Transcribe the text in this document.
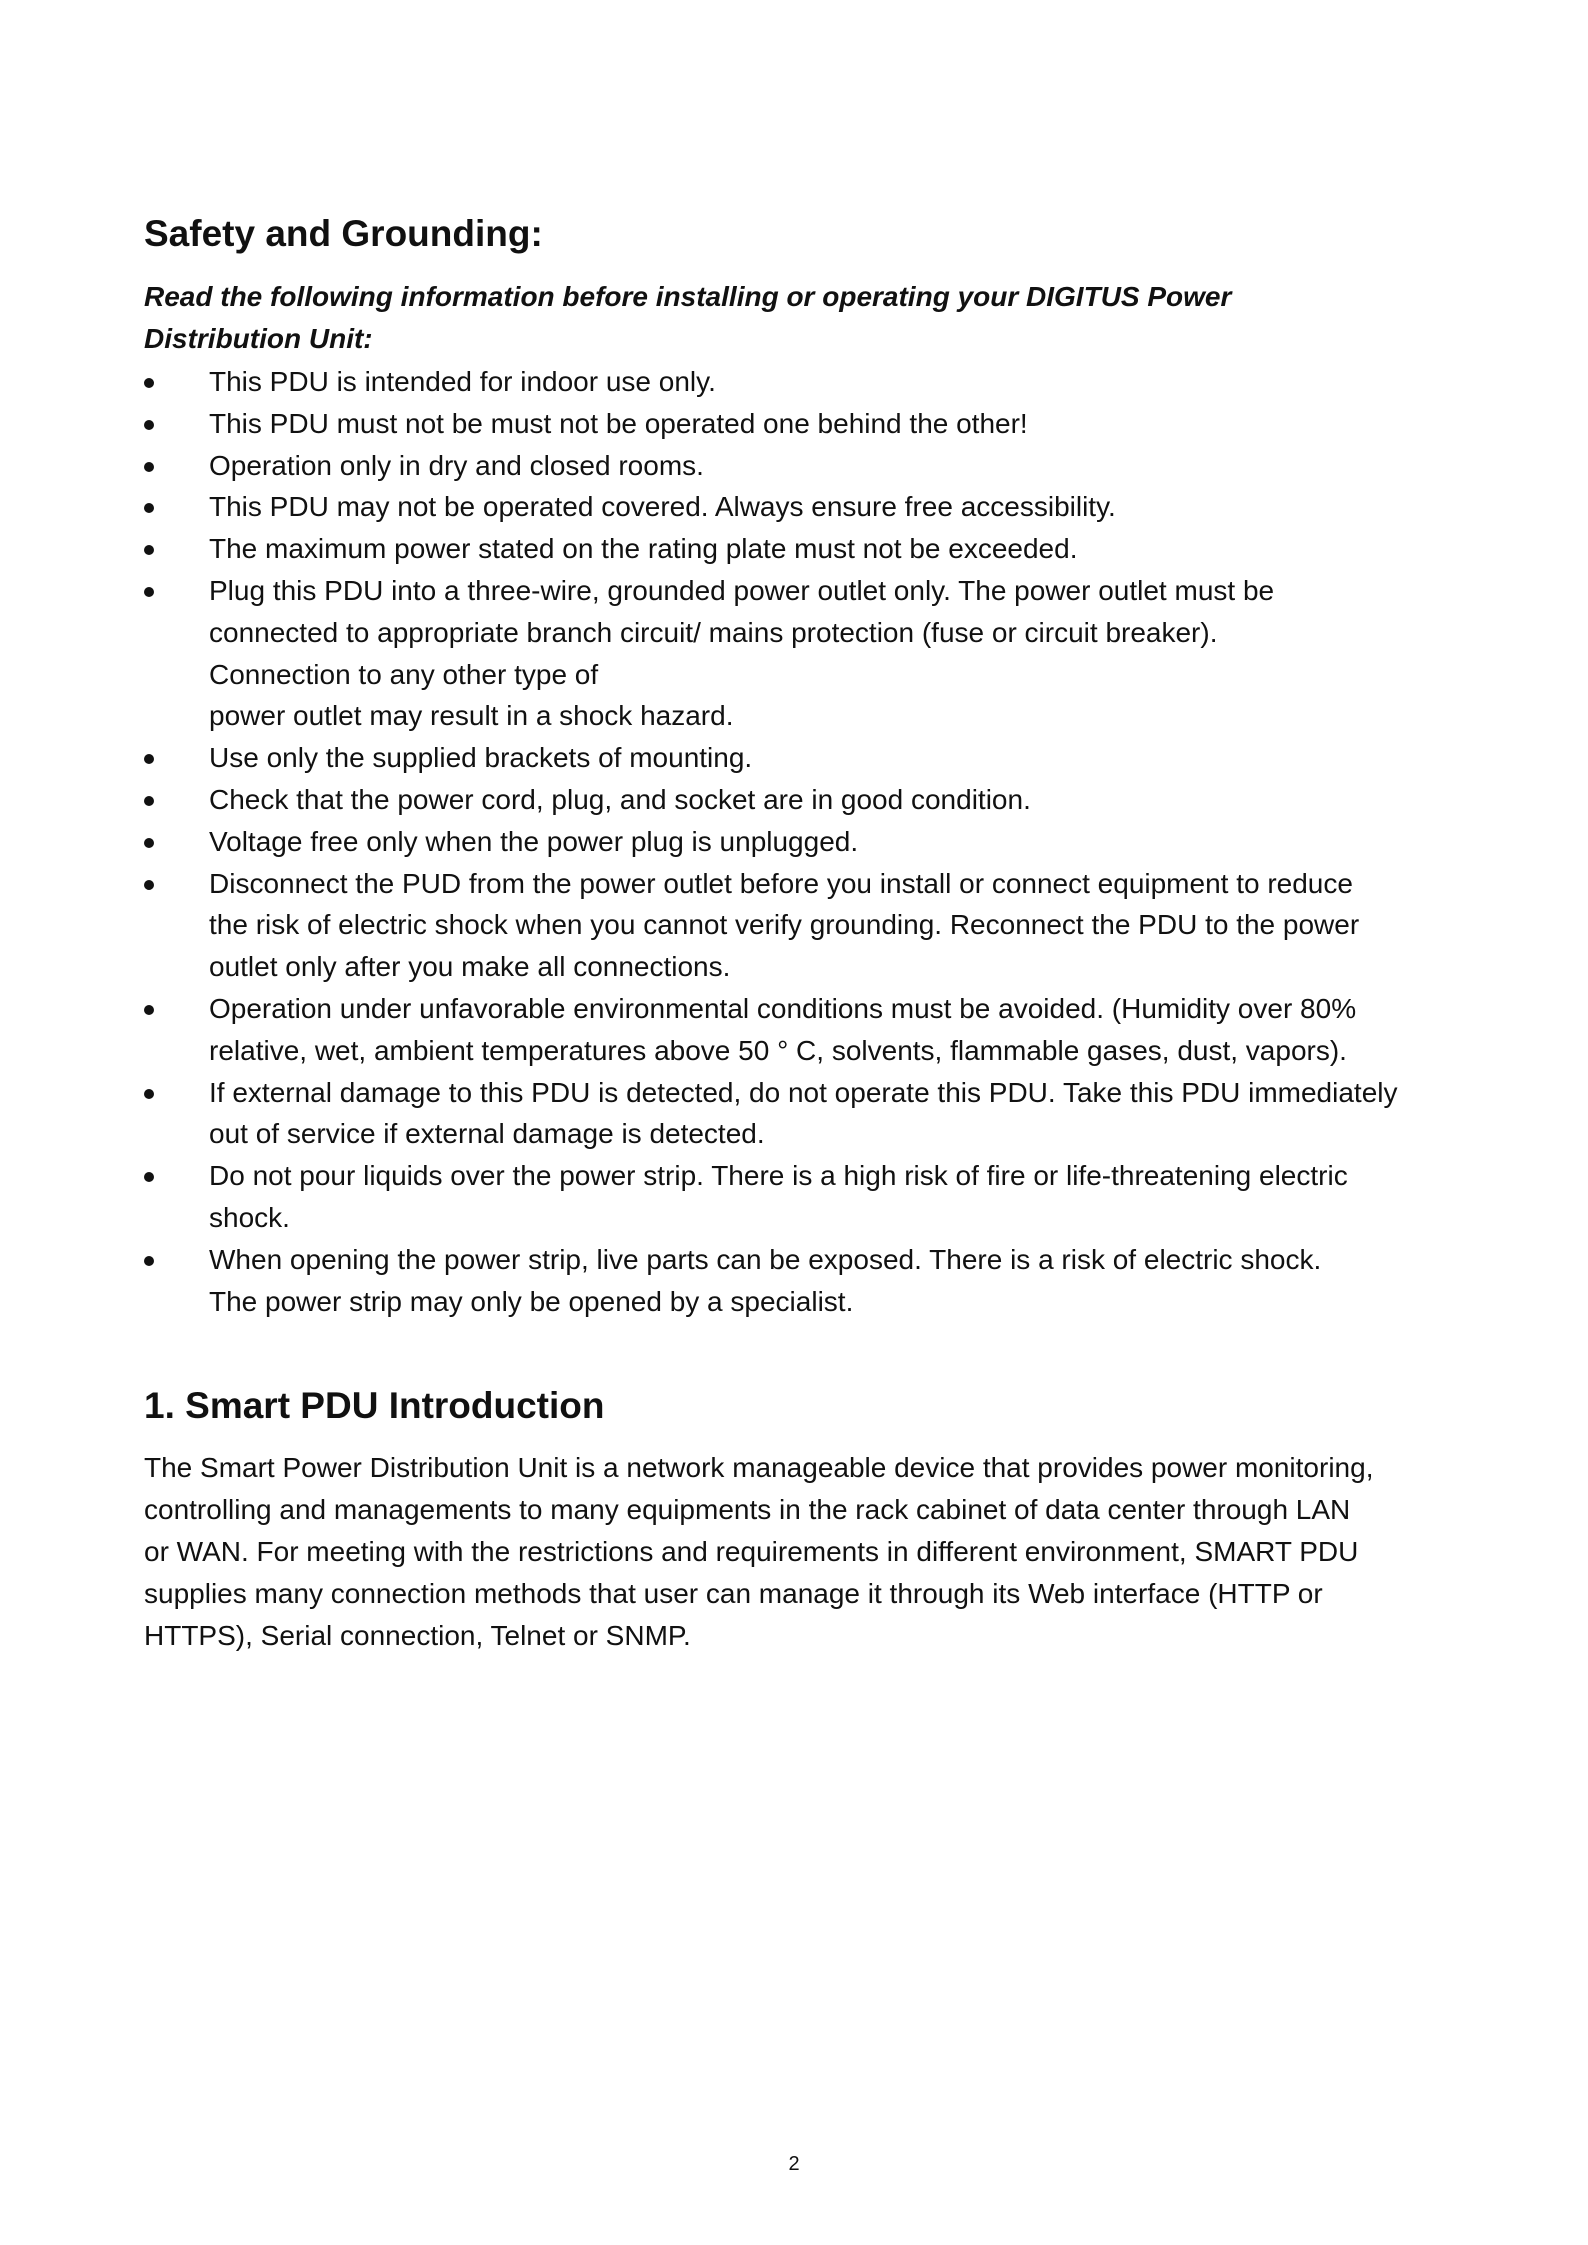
Safety and Grounding:

Read the following information before installing or operating your DIGITUS Power
Distribution Unit:

This PDU is intended for indoor use only.
This PDU must not be must not be operated one behind the other!
Operation only in dry and closed rooms.
This PDU may not be operated covered. Always ensure free accessibility.
The maximum power stated on the rating plate must not be exceeded.
Plug this PDU into a three-wire, grounded power outlet only. The power outlet must be
connected to appropriate branch circuit/ mains protection (fuse or circuit breaker).
Connection to any other type of
power outlet may result in a shock hazard.
Use only the supplied brackets of mounting.
Check that the power cord, plug, and socket are in good condition.
Voltage free only when the power plug is unplugged.
Disconnect the PUD from the power outlet before you install or connect equipment to reduce
the risk of electric shock when you cannot verify grounding. Reconnect the PDU to the power
outlet only after you make all connections.
Operation under unfavorable environmental conditions must be avoided. (Humidity over 80%
relative, wet, ambient temperatures above 50 ° C, solvents, flammable gases, dust, vapors).
If external damage to this PDU is detected, do not operate this PDU. Take this PDU immediately
out of service if external damage is detected.
Do not pour liquids over the power strip. There is a high risk of fire or life-threatening electric
shock.
When opening the power strip, live parts can be exposed. There is a risk of electric shock.
The power strip may only be opened by a specialist.
1. Smart PDU Introduction
The Smart Power Distribution Unit is a network manageable device that provides power monitoring,
controlling and managements to many equipments in the rack cabinet of data center through LAN
or WAN. For meeting with the restrictions and requirements in different environment, SMART PDU
supplies many connection methods that user can manage it through its Web interface (HTTP or
HTTPS), Serial connection, Telnet or SNMP.
2
